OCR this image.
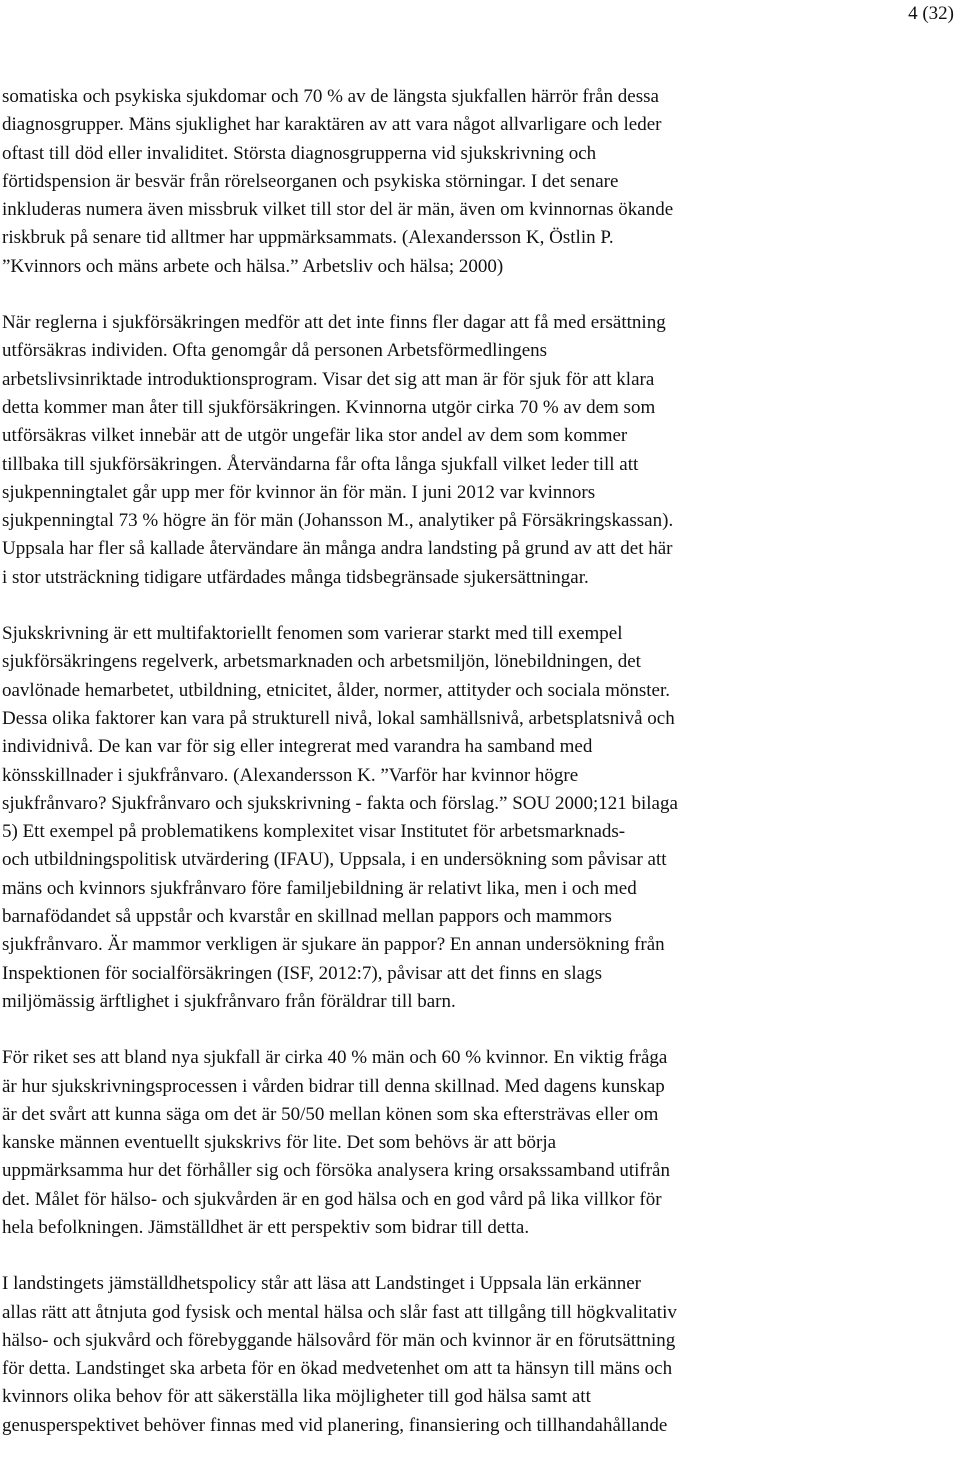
4 (32)

somatiska och psykiska sjukdomar och 70 % av de längsta sjukfallen härrör från dessa
diagnosgrupper. Mäns sjuklighet har karaktären av att vara något allvarligare och leder
oftast till död eller invaliditet. Största diagnosgrupperna vid sjukskrivning och
förtidspension är besvär från rörelseorganen och psykiska störningar. I det senare
inkluderas numera även missbruk vilket till stor del är män, även om kvinnornas ökande
riskbruk på senare tid alltmer har uppmärksammats. (Alexandersson K, Östlin P.
”Kvinnors och mäns arbete och hälsa.” Arbetsliv och hälsa; 2000)

När reglerna i sjukförsäkringen medför att det inte finns fler dagar att få med ersättning
utförsäkras individen. Ofta genomgår då personen Arbetsförmedlingens
arbetslivsinriktade introduktionsprogram. Visar det sig att man är för sjuk för att klara
detta kommer man åter till sjukförsäkringen. Kvinnorna utgör cirka 70 % av dem som
utförsäkras vilket innebär att de utgör ungefär lika stor andel av dem som kommer
tillbaka till sjukförsäkringen. Återvändarna får ofta långa sjukfall vilket leder till att
sjukpenningtalet går upp mer för kvinnor än för män. I juni 2012 var kvinnors
sjukpenningtal 73 % högre än för män (Johansson M., analytiker på Försäkringskassan).
Uppsala har fler så kallade återvändare än många andra landsting på grund av att det här
i stor utsträckning tidigare utfärdades många tidsbegränsade sjukersättningar.

Sjukskrivning är ett multifaktoriellt fenomen som varierar starkt med till exempel
sjukförsäkringens regelverk, arbetsmarknaden och arbetsmiljön, lönebildningen, det
oavlönade hemarbetet, utbildning, etnicitet, ålder, normer, attityder och sociala mönster.
Dessa olika faktorer kan vara på strukturell nivå, lokal samhällsnivå, arbetsplatsnivå och
individnivå. De kan var för sig eller integrerat med varandra ha samband med
könsskillnader i sjukfrånvaro. (Alexandersson K. ”Varför har kvinnor högre
sjukfrånvaro? Sjukfrånvaro och sjukskrivning - fakta och förslag.” SOU 2000;121 bilaga
5) Ett exempel på problematikens komplexitet visar Institutet för arbetsmarknads-
och utbildningspolitisk utvärdering (IFAU), Uppsala, i en undersökning som påvisar att
mäns och kvinnors sjukfrånvaro före familjebildning är relativt lika, men i och med
barnafödandet så uppstår och kvarstår en skillnad mellan pappors och mammors
sjukfrånvaro. Är mammor verkligen är sjukare än pappor? En annan undersökning från
Inspektionen för socialförsäkringen (ISF, 2012:7), påvisar att det finns en slags
miljömässig ärftlighet i sjukfrånvaro från föräldrar till barn.

För riket ses att bland nya sjukfall är cirka 40 % män och 60 % kvinnor. En viktig fråga
är hur sjukskrivningsprocessen i vården bidrar till denna skillnad. Med dagens kunskap
är det svårt att kunna säga om det är 50/50 mellan könen som ska eftersträvas eller om
kanske männen eventuellt sjukskrivs för lite. Det som behövs är att börja
uppmärksamma hur det förhåller sig och försöka analysera kring orsakssamband utifrån
det. Målet för hälso- och sjukvården är en god hälsa och en god vård på lika villkor för
hela befolkningen. Jämställdhet är ett perspektiv som bidrar till detta.

I landstingets jämställdhetspolicy står att läsa att Landstinget i Uppsala län erkänner
allas rätt att åtnjuta god fysisk och mental hälsa och slår fast att tillgång till högkvalitativ
hälso- och sjukvård och förebyggande hälsovård för män och kvinnor är en förutsättning
för detta. Landstinget ska arbeta för en ökad medvetenhet om att ta hänsyn till mäns och
kvinnors olika behov för att säkerställa lika möjligheter till god hälsa samt att
genusperspektivet behöver finnas med vid planering, finansiering och tillhandahållande
